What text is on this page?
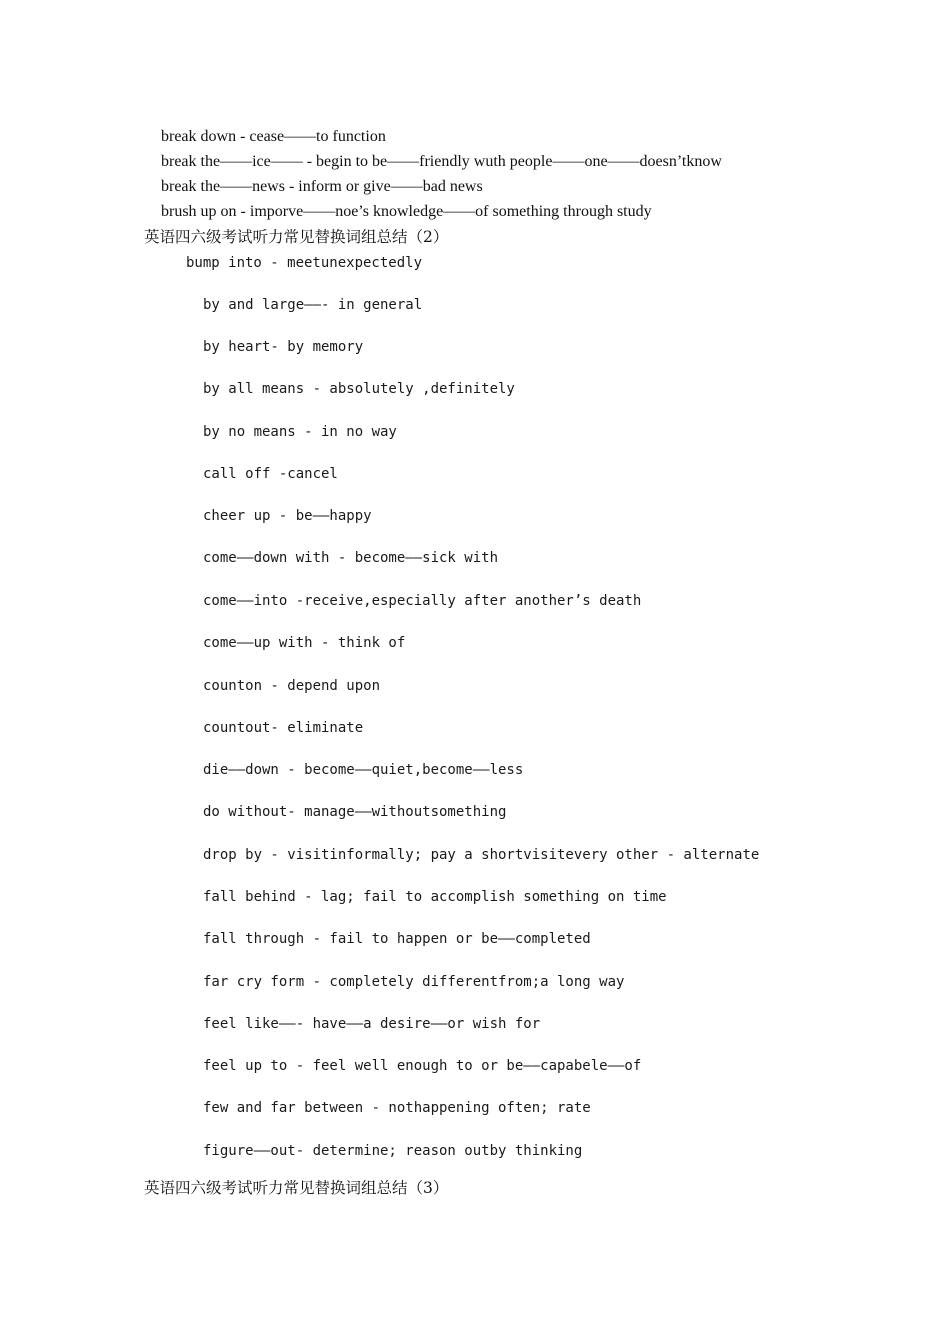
break down - cease——to function
break the——ice—— - begin to be——friendly wuth people——one——doesn’tknow
break the——news - inform or give——bad news
brush up on - imporve——noe’s knowledge——of something through study
英语四六级考试听力常见替换词组总结（2）
bump into - meetunexpectedly
by and large——- in general
by heart- by memory
by all means - absolutely ,definitely
by no means - in no way
call off -cancel
cheer up - be——happy
come——down with - become——sick with
come——into -receive,especially after another’s death
come——up with - think of
counton - depend upon
countout- eliminate
die——down - become——quiet,become——less
do without- manage——withoutsomething
drop by - visitinformally; pay a shortvisitevery other - alternate
fall behind - lag; fail to accomplish something on time
fall through - fail to happen or be——completed
far cry form - completely differentfrom;a long way
feel like——- have——a desire——or wish for
feel up to - feel well enough to or be——capabele——of
few and far between - nothappening often; rate
figure——out- determine; reason outby thinking
英语四六级考试听力常见替换词组总结（3）
